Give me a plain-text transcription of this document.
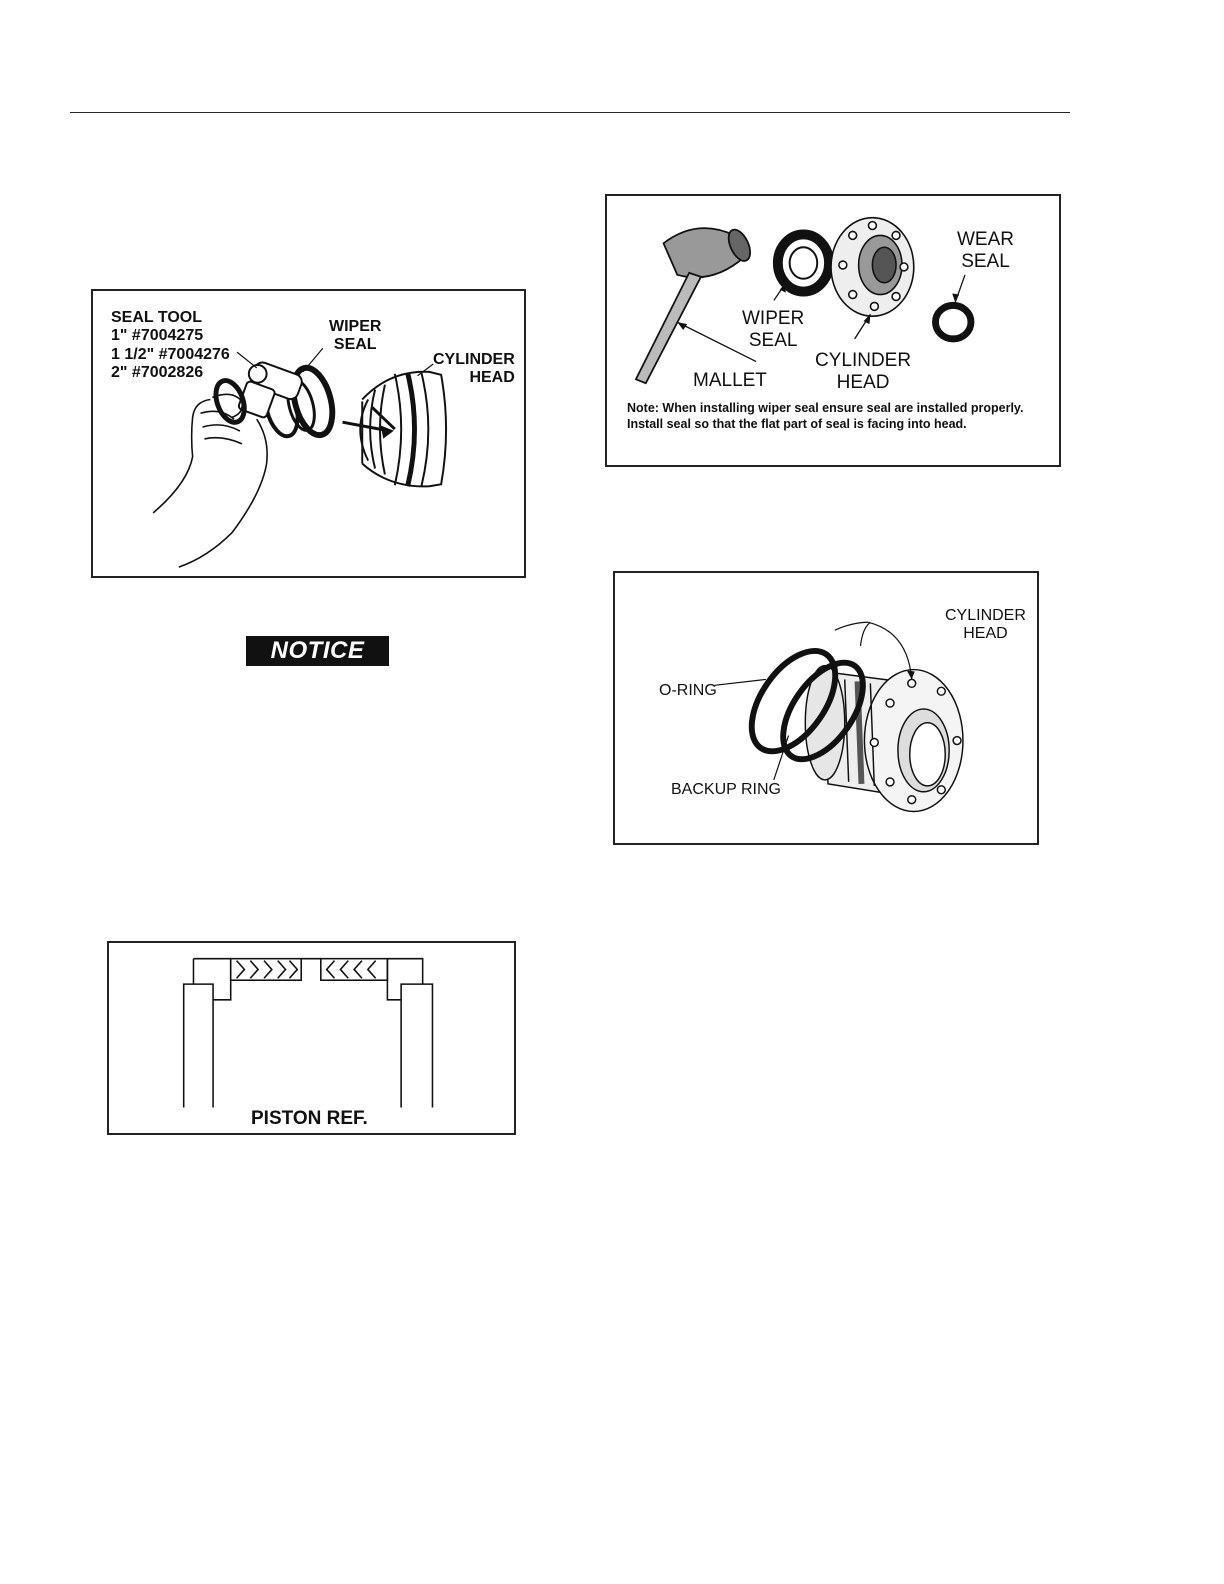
SEAL TOOL
1" #7004275
1 1/2" #7004276
2" #7002826
WIPER
SEAL
CYLINDER
HEAD
NOTICE
PISTON REF.
WEAR
SEAL
WIPER
SEAL
CYLINDER
HEAD
MALLET
Note: When installing wiper seal ensure seal are installed properly. Install seal so that the flat part of seal is facing into head.
CYLINDER
HEAD
O-RING
BACKUP RING
